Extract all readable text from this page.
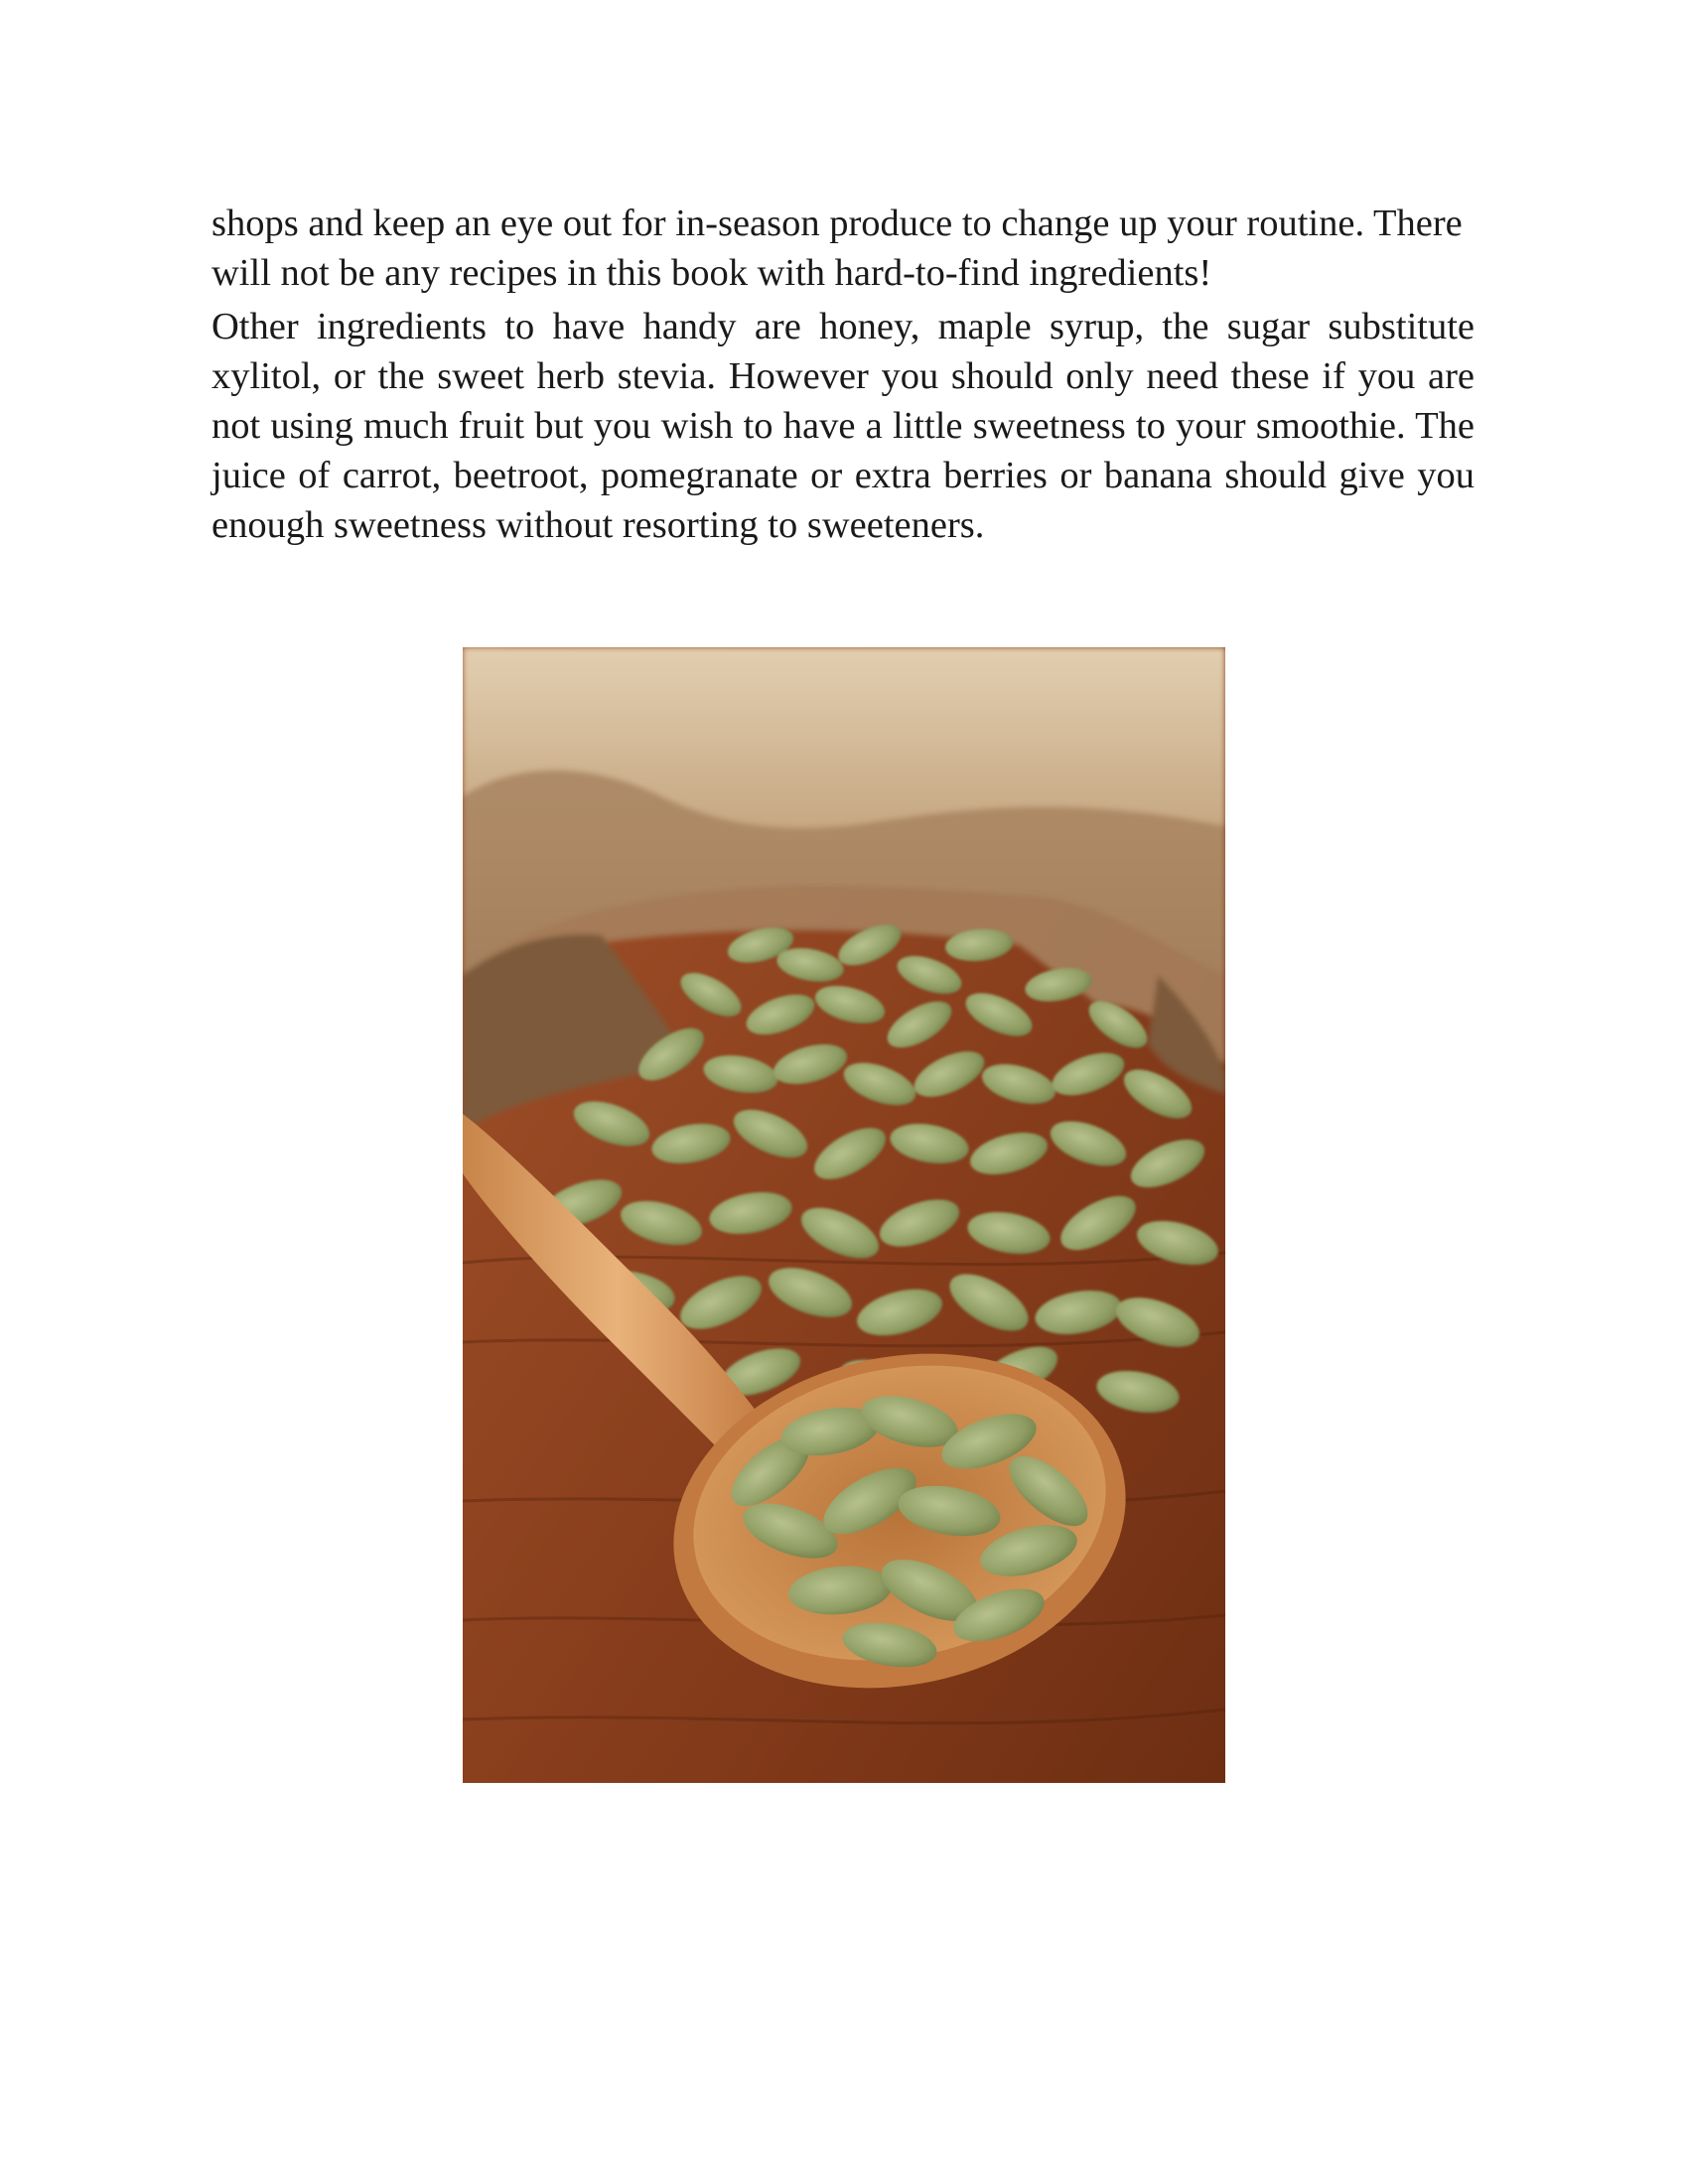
shops and keep an eye out for in-season produce to change up your routine. There will not be any recipes in this book with hard-to-find ingredients!

Other ingredients to have handy are honey, maple syrup, the sugar substitute xylitol, or the sweet herb stevia. However you should only need these if you are not using much fruit but you wish to have a little sweetness to your smoothie. The juice of carrot, beetroot, pomegranate or extra berries or banana should give you enough sweetness without resorting to sweeteners.
